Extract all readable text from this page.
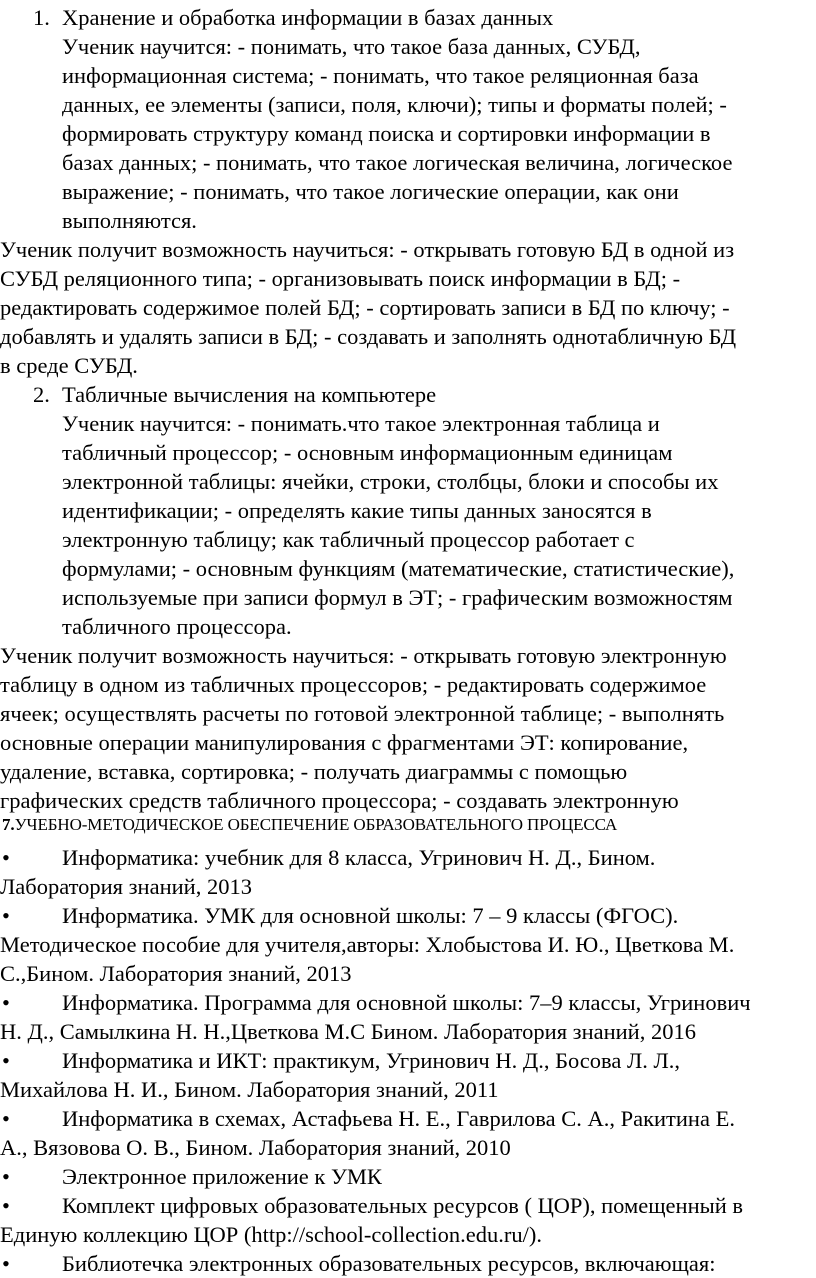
1. Хранение и обработка информации в базах данных
Ученик научится: - понимать, что такое база данных, СУБД,
информационная система; - понимать, что такое реляционная база
данных, ее элементы (записи, поля, ключи); типы и форматы полей; -
формировать структуру команд поиска и сортировки информации в
базах данных; - понимать, что такое логическая величина, логическое
выражение; - понимать, что такое логические операции, как они
выполняются.
Ученик получит возможность научиться: - открывать готовую БД в одной из
СУБД реляционного типа; - организовывать поиск информации в БД; -
редактировать содержимое полей БД; - сортировать записи в БД по ключу; -
добавлять и удалять записи в БД; - создавать и заполнять однотабличную БД
в среде СУБД.
2. Табличные вычисления на компьютере
Ученик научится: - понимать.что такое электронная таблица и
табличный процессор; - основным информационным единицам
электронной таблицы: ячейки, строки, столбцы, блоки и способы их
идентификации; - определять какие типы данных заносятся в
электронную таблицу; как табличный процессор работает с
формулами; - основным функциям (математические, статистические),
используемые при записи формул в ЭТ; - графическим возможностям
табличного процессора.
Ученик получит возможность научиться: - открывать готовую электронную
таблицу в одном из табличных процессоров; - редактировать содержимое
ячеек; осуществлять расчеты по готовой электронной таблице; - выполнять
основные операции манипулирования с фрагментами ЭТ: копирование,
удаление, вставка, сортировка; - получать диаграммы с помощью
графических средств табличного процессора; - создавать электронную
7.УЧЕБНО-МЕТОДИЧЕСКОЕ ОБЕСПЕЧЕНИЕ ОБРАЗОВАТЕЛЬНОГО ПРОЦЕССА
• Информатика: учебник для 8 класса, Угринович Н. Д., Бином.
Лаборатория знаний, 2013
• Информатика. УМК для основной школы: 7 – 9 классы (ФГОС).
Методическое пособие для учителя,авторы: Хлобыстова И. Ю., Цветкова М.
С.,Бином. Лаборатория знаний, 2013
• Информатика. Программа для основной школы: 7–9 классы, Угринович
Н. Д., Самылкина Н. Н.,Цветкова М.С Бином. Лаборатория знаний, 2016
• Информатика и ИКТ: практикум, Угринович Н. Д., Босова Л. Л.,
Михайлова Н. И., Бином. Лаборатория знаний, 2011
• Информатика в схемах, Астафьева Н. Е., Гаврилова С. А., Ракитина Е.
А., Вязовова О. В., Бином. Лаборатория знаний, 2010
• Электронное приложение к УМК
• Комплект цифровых образовательных ресурсов ( ЦОР), помещенный в
Единую коллекцию ЦОР (http://school-collection.edu.ru/).
• Библиотечка электронных образовательных ресурсов, включающая:
